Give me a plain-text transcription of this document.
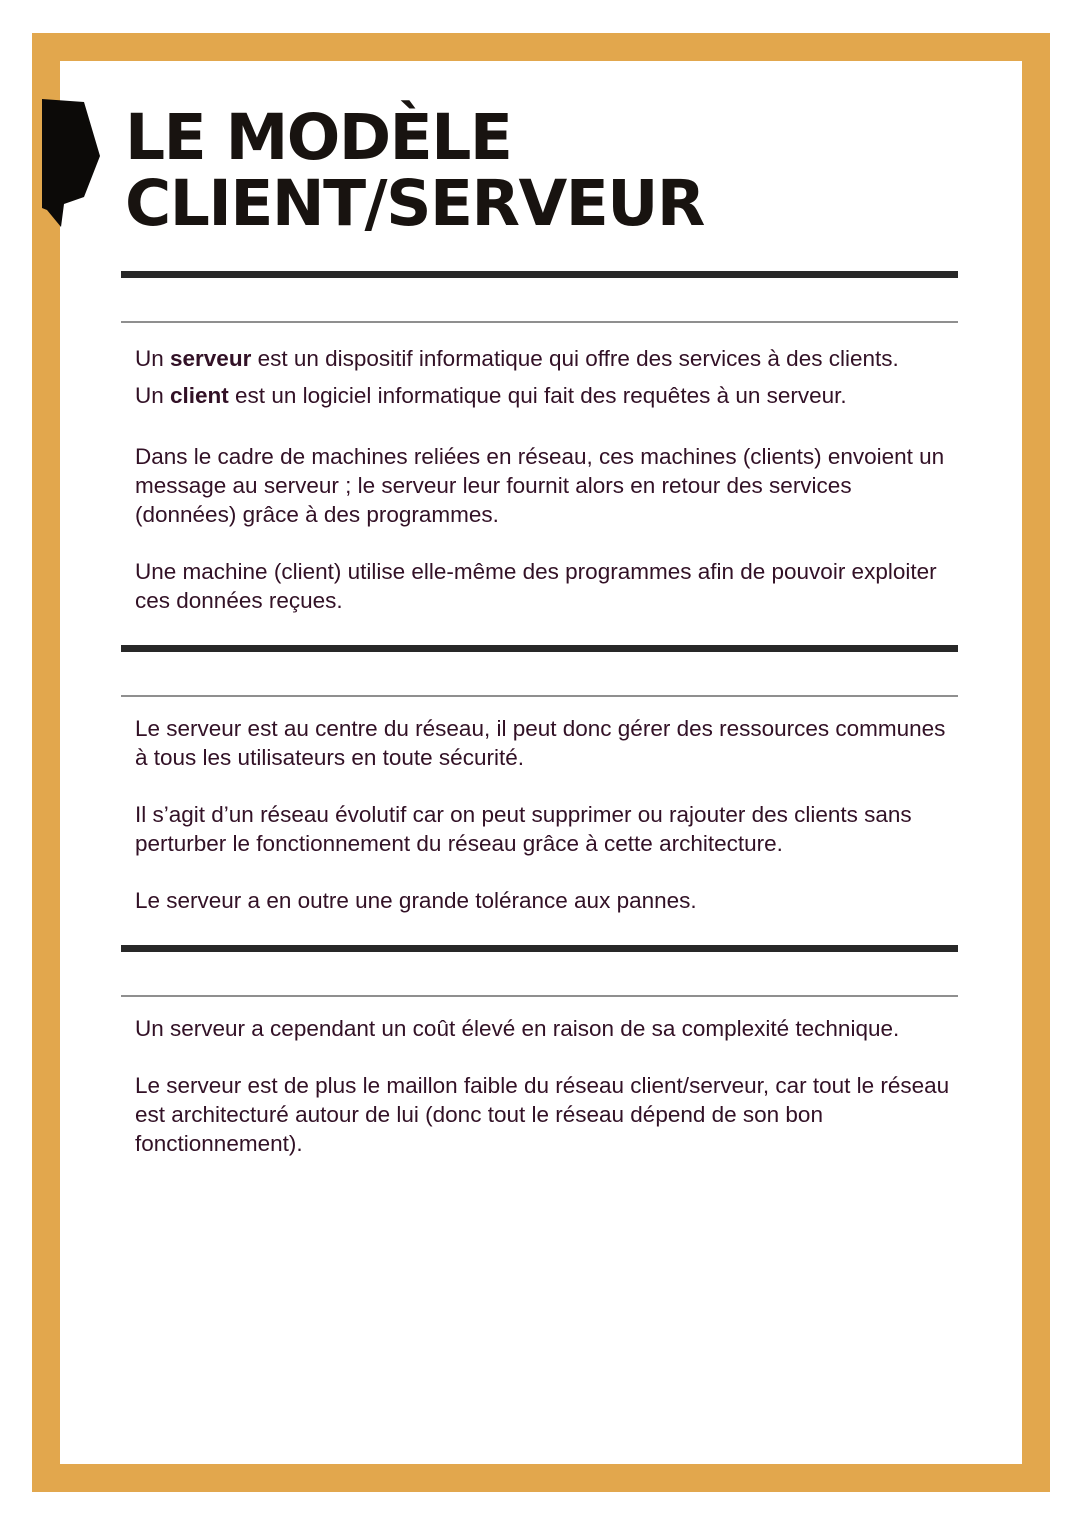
LE MODÈLE
CLIENT/SERVEUR

Un serveur est un dispositif informatique qui offre des services à des clients.

Un client est un logiciel informatique qui fait des requêtes à un serveur.

Dans le cadre de machines reliées en réseau, ces machines (clients) envoient un message au serveur ; le serveur leur fournit alors en retour des services (données) grâce à des programmes.

Une machine (client) utilise elle-même des programmes afin de pouvoir exploiter ces données reçues.

Le serveur est au centre du réseau, il peut donc gérer des ressources communes à tous les utilisateurs en toute sécurité.

Il s’agit d’un réseau évolutif car on peut supprimer ou rajouter des clients sans perturber le fonctionnement du réseau grâce à cette architecture.

Le serveur a en outre une grande tolérance aux pannes.

Un serveur a cependant un coût élevé en raison de sa complexité technique.

Le serveur est de plus le maillon faible du réseau client/serveur, car tout le réseau est architecturé autour de lui (donc tout le réseau dépend de son bon fonctionnement).
